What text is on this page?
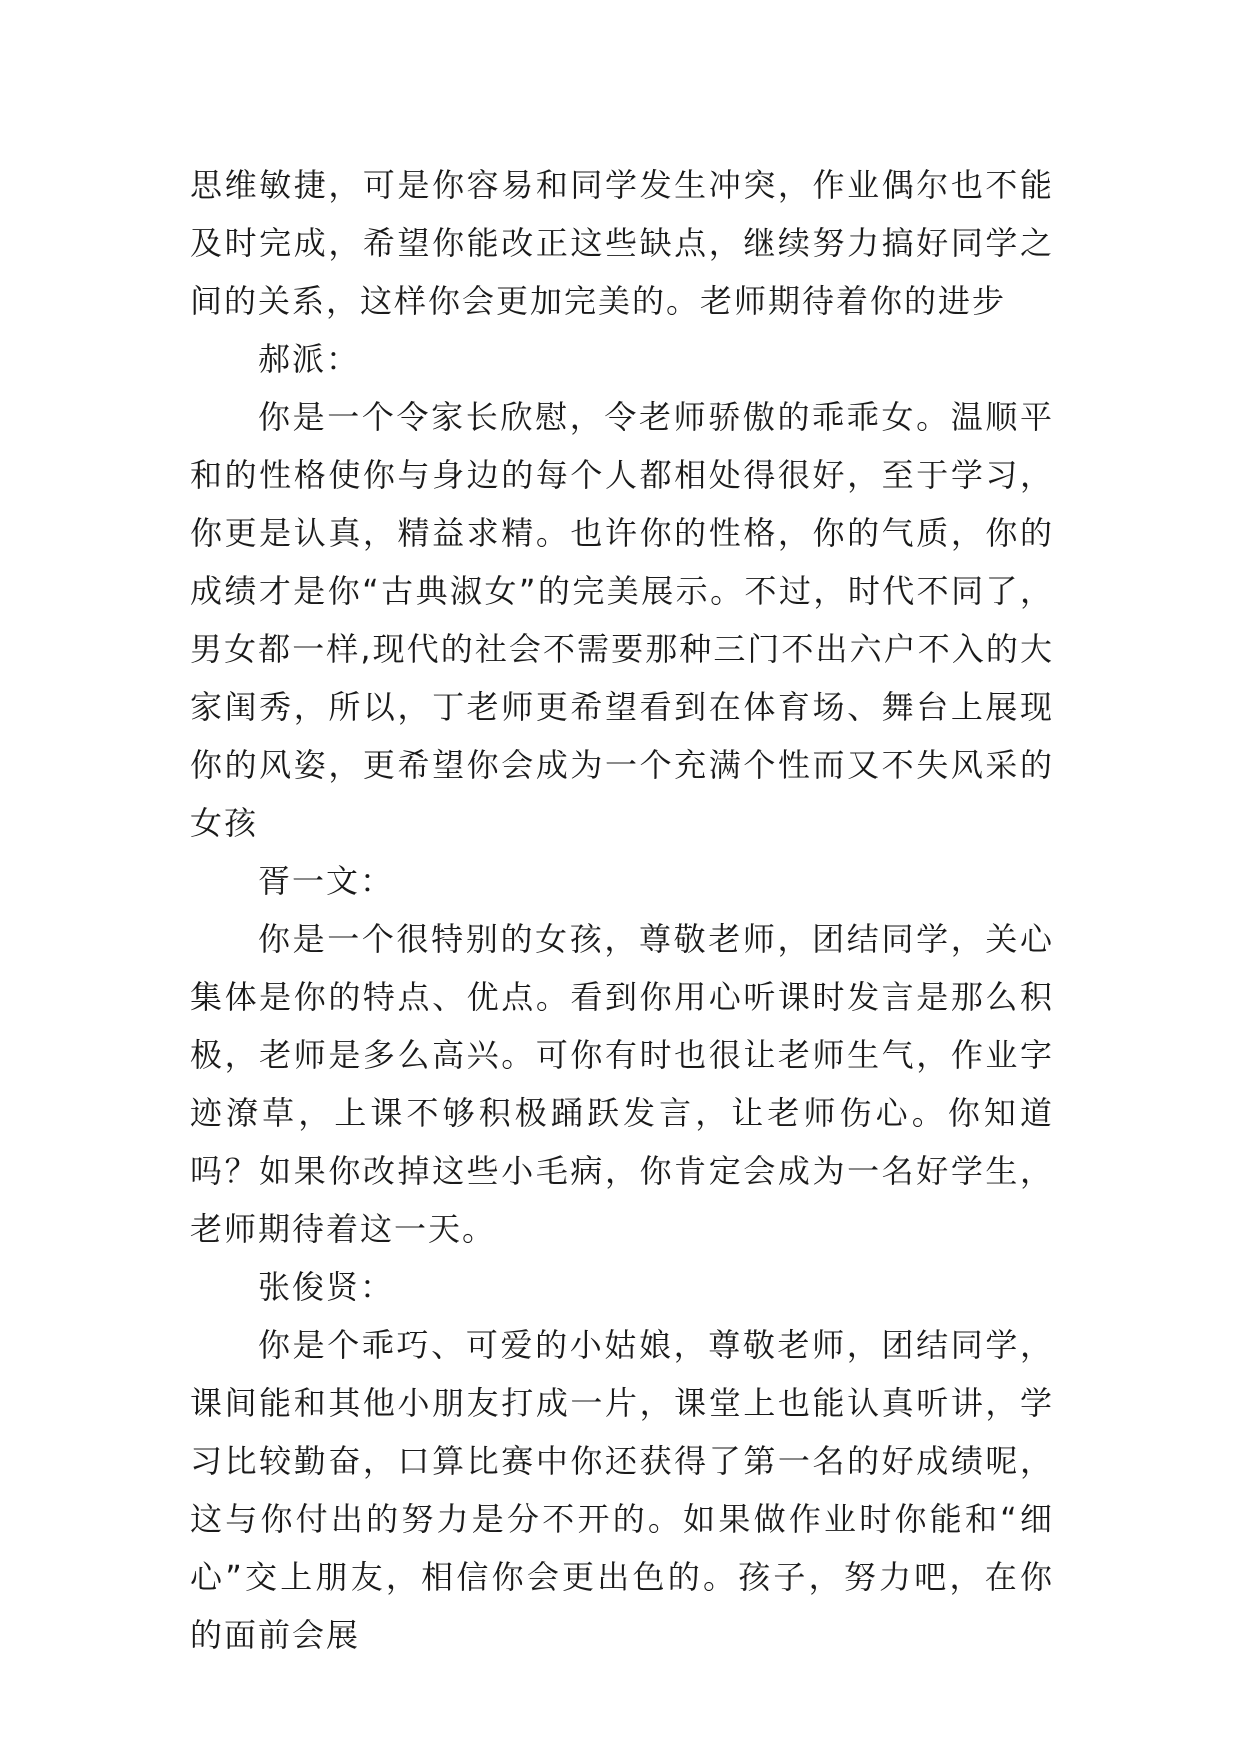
思维敏捷，可是你容易和同学发生冲突，作业偶尔也不能及时完成，希望你能改正这些缺点，继续努力搞好同学之间的关系，这样你会更加完美的。老师期待着你的进步

郝派：

你是一个令家长欣慰，令老师骄傲的乖乖女。温顺平和的性格使你与身边的每个人都相处得很好，至于学习，你更是认真，精益求精。也许你的性格，你的气质，你的成绩才是你“古典淑女”的完美展示。不过，时代不同了，男女都一样,现代的社会不需要那种三门不出六户不入的大家闺秀，所以，丁老师更希望看到在体育场、舞台上展现你的风姿，更希望你会成为一个充满个性而又不失风采的女孩

胥一文：

你是一个很特别的女孩，尊敬老师，团结同学，关心集体是你的特点、优点。看到你用心听课时发言是那么积极，老师是多么高兴。可你有时也很让老师生气，作业字迹潦草，上课不够积极踊跃发言，让老师伤心。你知道吗？如果你改掉这些小毛病，你肯定会成为一名好学生，老师期待着这一天。

张俊贤：

你是个乖巧、可爱的小姑娘，尊敬老师，团结同学，课间能和其他小朋友打成一片，课堂上也能认真听讲，学习比较勤奋，口算比赛中你还获得了第一名的好成绩呢，这与你付出的努力是分不开的。如果做作业时你能和“细心”交上朋友，相信你会更出色的。孩子，努力吧，在你的面前会展
